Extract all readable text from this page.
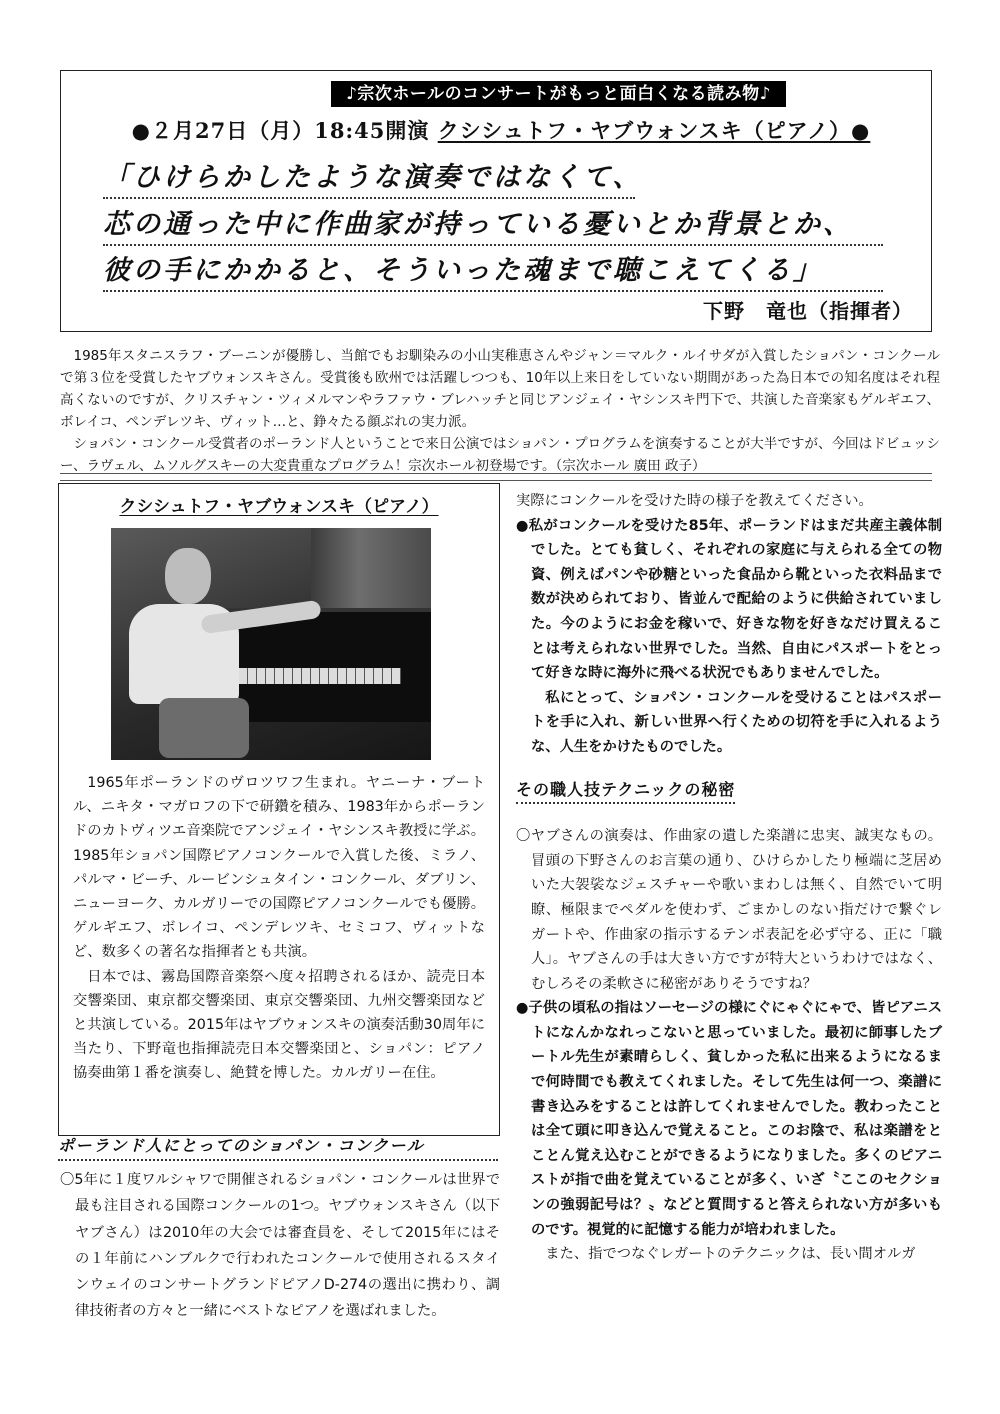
♪宗次ホールのコンサートがもっと面白くなる読み物♪
●２月27日（月）18:45開演 クシシュトフ・ヤブウォンスキ（ピアノ）●
「ひけらかしたような演奏ではなくて、
芯の通った中に作曲家が持っている憂いとか背景とか、
彼の手にかかると、そういった魂まで聴こえてくる」
下野　竜也（指揮者）

1985年スタニスラフ・ブーニンが優勝し、当館でもお馴染みの小山実稚恵さんやジャン＝マルク・ルイサダが入賞したショパン・コンクールで第３位を受賞したヤブウォンスキさん。受賞後も欧州では活躍しつつも、10年以上来日をしていない期間があった為日本での知名度はそれ程高くないのですが、クリスチャン・ツィメルマンやラファウ・ブレハッチと同じアンジェイ・ヤシンスキ門下で、共演した音楽家もゲルギエフ、ボレイコ、ペンデレツキ、ヴィット…と、錚々たる顔ぶれの実力派。

ショパン・コンクール受賞者のポーランド人ということで来日公演ではショパン・プログラムを演奏することが大半ですが、今回はドビュッシー、ラヴェル、ムソルグスキーの大変貴重なプログラム！宗次ホール初登場です。（宗次ホール 廣田 政子）

クシシュトフ・ヤブウォンスキ（ピアノ）

1965年ポーランドのヴロツワフ生まれ。ヤニーナ・ブートル、ニキタ・マガロフの下で研鑽を積み、1983年からポーランドのカトヴィツエ音楽院でアンジェイ・ヤシンスキ教授に学ぶ。1985年ショパン国際ピアノコンクールで入賞した後、ミラノ、パルマ・ビーチ、ルービンシュタイン・コンクール、ダブリン、ニューヨーク、カルガリーでの国際ピアノコンクールでも優勝。ゲルギエフ、ボレイコ、ペンデレツキ、セミコフ、ヴィットなど、数多くの著名な指揮者とも共演。

日本では、霧島国際音楽祭へ度々招聘されるほか、読売日本交響楽団、東京都交響楽団、東京交響楽団、九州交響楽団などと共演している。2015年はヤブウォンスキの演奏活動30周年に当たり、下野竜也指揮読売日本交響楽団と、ショパン：ピアノ協奏曲第１番を演奏し、絶賛を博した。カルガリー在住。

ポーランド人にとってのショパン・コンクール

〇5年に１度ワルシャワで開催されるショパン・コンクールは世界で最も注目される国際コンクールの1つ。ヤブウォンスキさん（以下ヤブさん）は2010年の大会では審査員を、そして2015年にはその１年前にハンブルクで行われたコンクールで使用されるスタインウェイのコンサートグランドピアノD-274の選出に携わり、調律技術者の方々と一緒にベストなピアノを選ばれました。

実際にコンクールを受けた時の様子を教えてください。

●私がコンクールを受けた85年、ポーランドはまだ共産主義体制でした。とても貧しく、それぞれの家庭に与えられる全ての物資、例えばパンや砂糖といった食品から靴といった衣料品まで数が決められており、皆並んで配給のように供給されていました。今のようにお金を稼いで、好きな物を好きなだけ買えることは考えられない世界でした。当然、自由にパスポートをとって好きな時に海外に飛べる状況でもありませんでした。

私にとって、ショパン・コンクールを受けることはパスポートを手に入れ、新しい世界へ行くための切符を手に入れるような、人生をかけたものでした。

その職人技テクニックの秘密

〇ヤブさんの演奏は、作曲家の遺した楽譜に忠実、誠実なもの。冒頭の下野さんのお言葉の通り、ひけらかしたり極端に芝居めいた大袈裟なジェスチャーや歌いまわしは無く、自然でいて明瞭、極限までペダルを使わず、ごまかしのない指だけで繋ぐレガートや、作曲家の指示するテンポ表記を必ず守る、正に「職人」。ヤブさんの手は大きい方ですが特大というわけではなく、むしろその柔軟さに秘密がありそうですね？

●子供の頃私の指はソーセージの様にぐにゃぐにゃで、皆ピアニストになんかなれっこないと思っていました。最初に師事したブートル先生が素晴らしく、貧しかった私に出来るようになるまで何時間でも教えてくれました。そして先生は何一つ、楽譜に書き込みをすることは許してくれませんでした。教わったことは全て頭に叩き込んで覚えること。このお陰で、私は楽譜をとことん覚え込むことができるようになりました。多くのピアニストが指で曲を覚えていることが多く、いざ〝ここのセクションの強弱記号は？〟などと質問すると答えられない方が多いものです。視覚的に記憶する能力が培われました。

また、指でつなぐレガートのテクニックは、長い間オルガ
